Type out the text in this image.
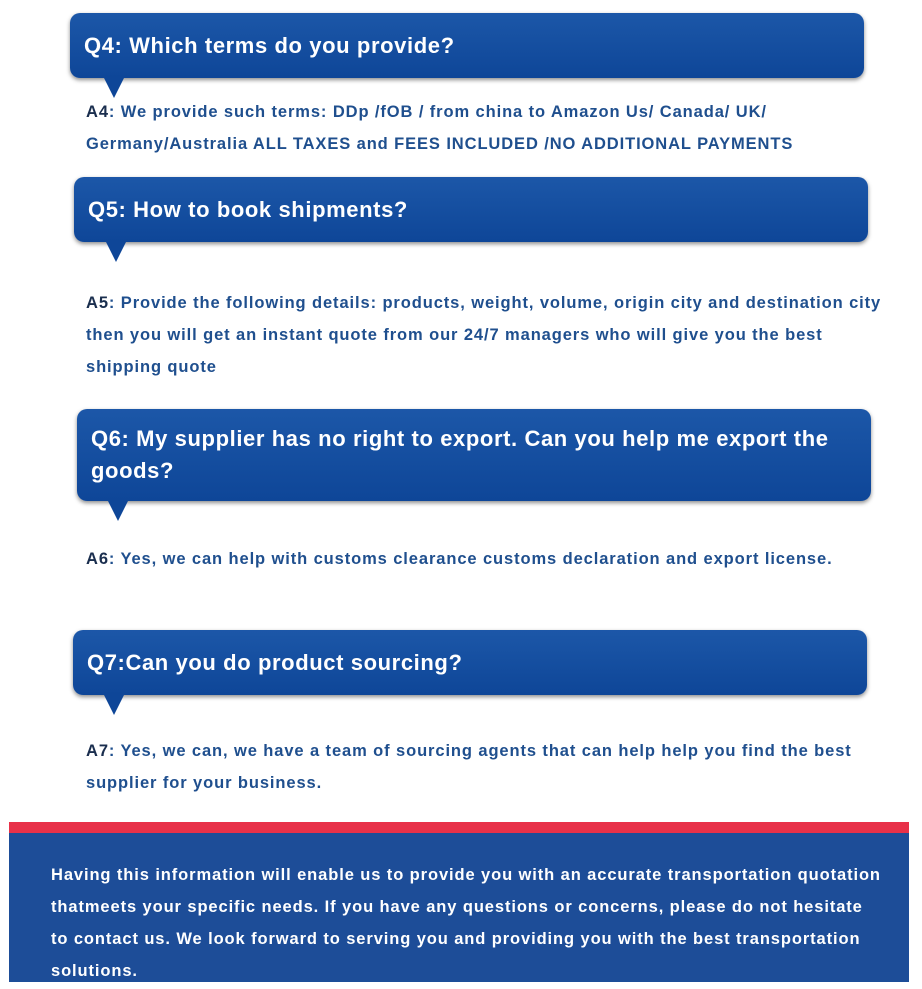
Q4: Which terms do you provide?

A4: We provide such terms: DDp /fOB / from china to Amazon Us/ Canada/ UK/ Germany/Australia ALL TAXES and FEES INCLUDED /NO ADDITIONAL PAYMENTS

Q5: How to book shipments?

A5: Provide the following details: products, weight, volume, origin city and destination city then you will get an instant quote from our 24/7 managers who will give you the best shipping quote

Q6: My supplier has no right to export. Can you help me export the goods?

A6: Yes, we can help with customs clearance customs declaration and export license.

Q7:Can you do product sourcing?

A7: Yes, we can, we have a team of sourcing agents that can help help you find the best supplier for your business.

Having this information will enable us to provide you with an accurate transportation quotation thatmeets your specific needs. If you have any questions or concerns, please do not hesitate to contact us. We look forward to serving you and providing you with the best transportation solutions.
